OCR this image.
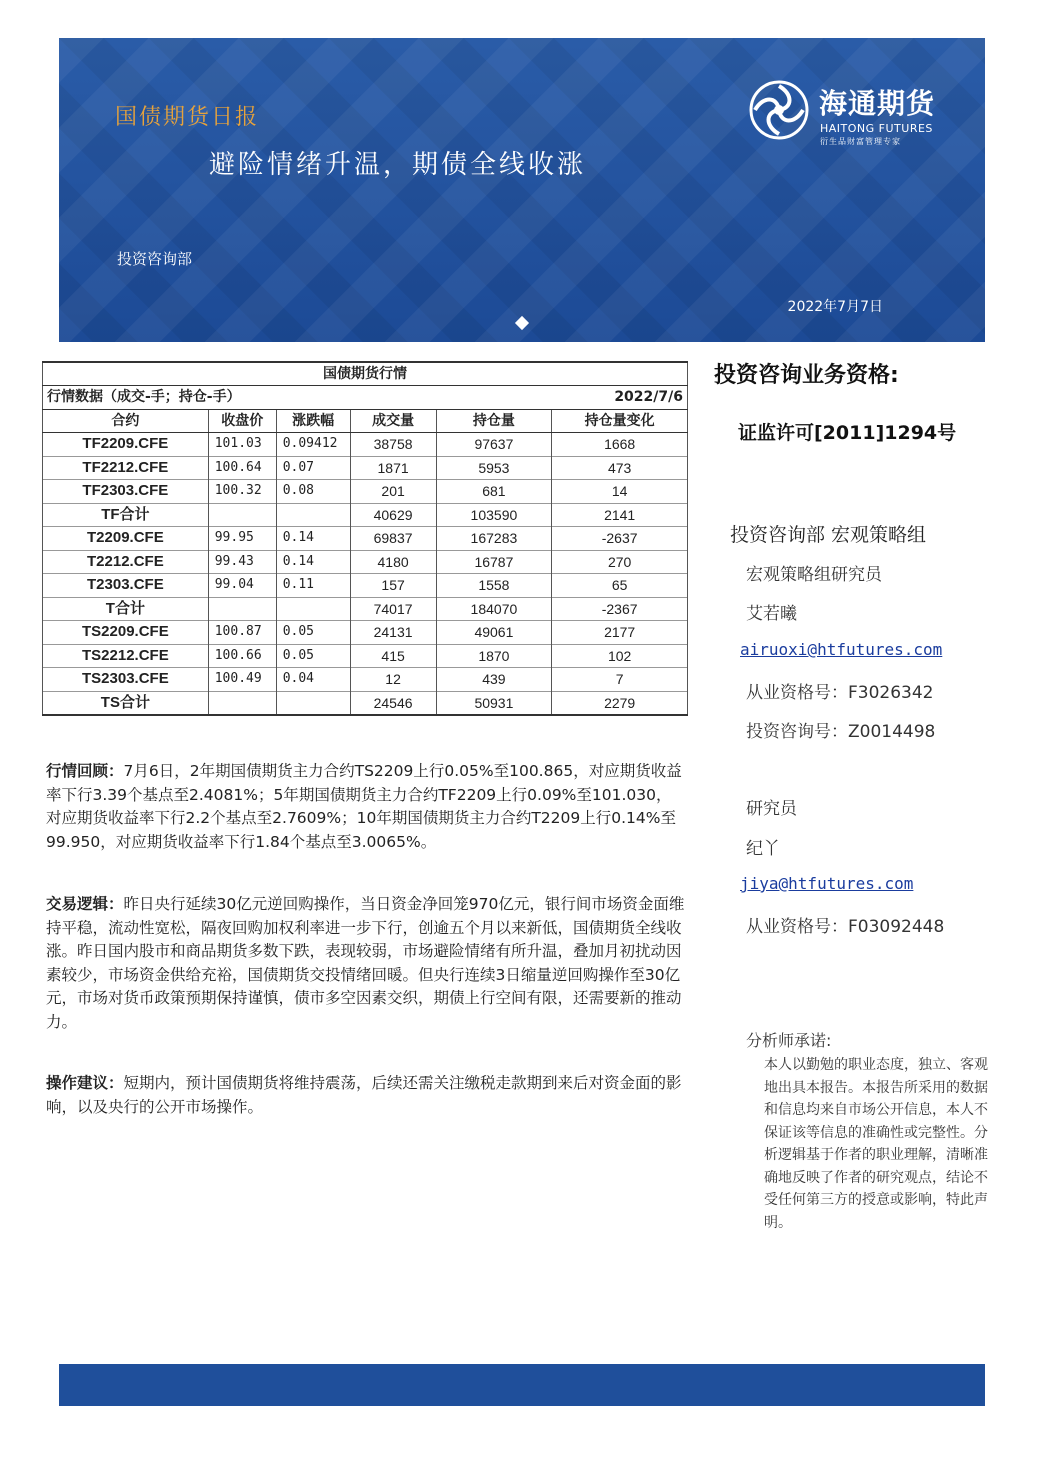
国债期货日报
避险情绪升温，期债全线收涨
投资咨询部
2022年7月7日
海通期货
HAITONG FUTURES
衍生品财富管理专家
国债期货行情					
行情数据（成交-手；持仓-手） 2022/7/6					

合约	收盘价	涨跌幅	成交量	持仓量	持仓量变化
TF2209.CFE	101.03	0.09412	38758	97637	1668
TF2212.CFE	100.64	0.07	1871	5953	473
TF2303.CFE	100.32	0.08	201	681	14
TF合计			40629	103590	2141
T2209.CFE	99.95	0.14	69837	167283	-2637
T2212.CFE	99.43	0.14	4180	16787	270
T2303.CFE	99.04	0.11	157	1558	65
T合计			74017	184070	-2367
TS2209.CFE	100.87	0.05	24131	49061	2177
TS2212.CFE	100.66	0.05	415	1870	102
TS2303.CFE	100.49	0.04	12	439	7
TS合计			24546	50931	2279
行情回顾：7月6日，2年期国债期货主力合约TS2209上行0.05%至100.865，对应期货收益率下行3.39个基点至2.4081%；5年期国债期货主力合约TF2209上行0.09%至101.030，对应期货收益率下行2.2个基点至2.7609%；10年期国债期货主力合约T2209上行0.14%至99.950，对应期货收益率下行1.84个基点至3.0065%。
交易逻辑：昨日央行延续30亿元逆回购操作，当日资金净回笼970亿元，银行间市场资金面维持平稳，流动性宽松，隔夜回购加权利率进一步下行，创逾五个月以来新低，国债期货全线收涨。昨日国内股市和商品期货多数下跌，表现较弱，市场避险情绪有所升温，叠加月初扰动因素较少，市场资金供给充裕，国债期货交投情绪回暖。但央行连续3日缩量逆回购操作至30亿元，市场对货币政策预期保持谨慎，债市多空因素交织，期债上行空间有限，还需要新的推动力。
操作建议：短期内，预计国债期货将维持震荡，后续还需关注缴税走款期到来后对资金面的影响，以及央行的公开市场操作。
投资咨询业务资格:
证监许可[2011]1294号
投资咨询部 宏观策略组
宏观策略组研究员
艾若曦
airuoxi@htfutures.com
从业资格号：F3026342
投资咨询号：Z0014498
研究员
纪丫
jiya@htfutures.com
从业资格号：F03092448
分析师承诺:
本人以勤勉的职业态度，独立、客观地出具本报告。本报告所采用的数据和信息均来自市场公开信息，本人不保证该等信息的准确性或完整性。分析逻辑基于作者的职业理解，清晰准确地反映了作者的研究观点，结论不受任何第三方的授意或影响，特此声明。
